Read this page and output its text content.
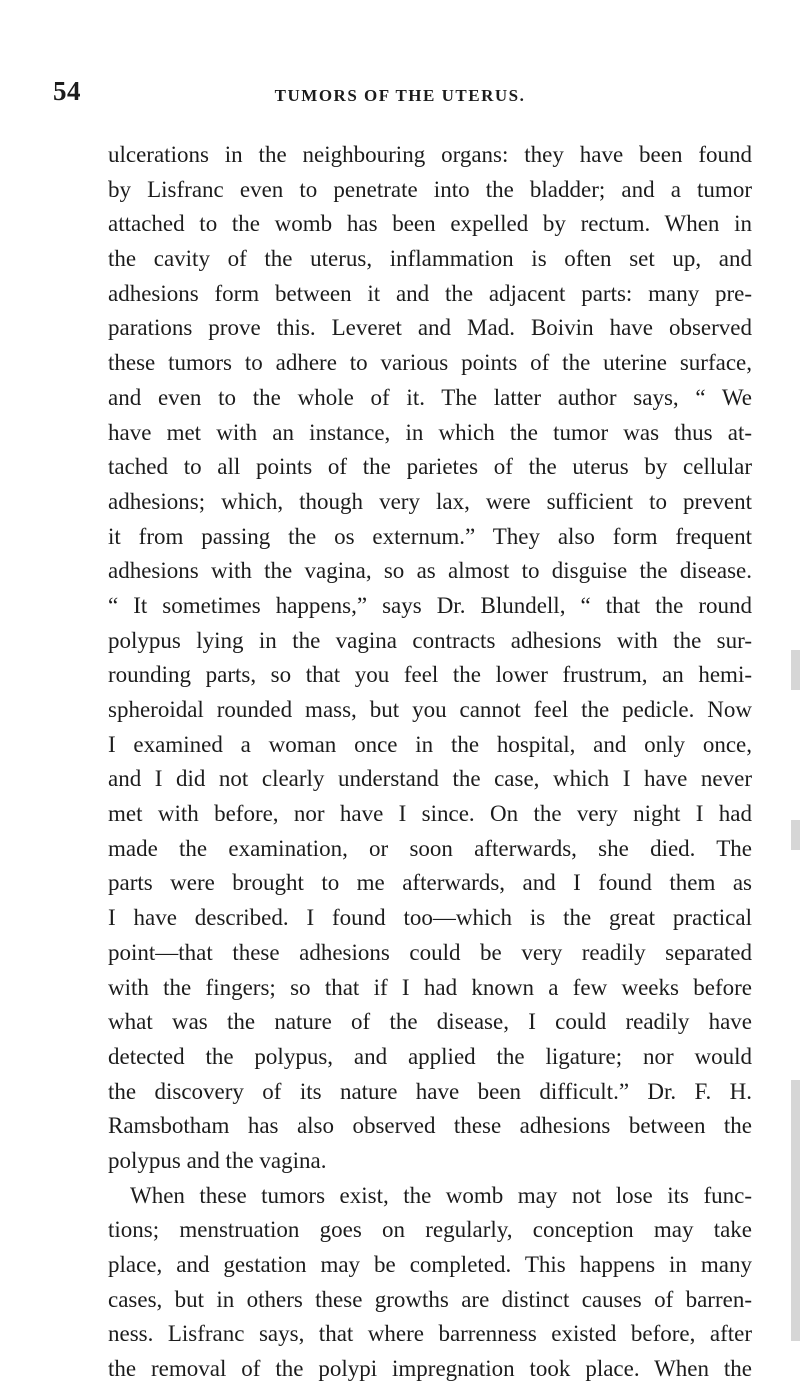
54	TUMORS OF THE UTERUS.
ulcerations in the neighbouring organs: they have been found
by Lisfranc even to penetrate into the bladder; and a tumor
attached to the womb has been expelled by rectum. When in
the cavity of the uterus, inflammation is often set up, and
adhesions form between it and the adjacent parts: many pre-
parations prove this. Leveret and Mad. Boivin have observed
these tumors to adhere to various points of the uterine surface,
and even to the whole of it. The latter author says, “ We
have met with an instance, in which the tumor was thus at-
tached to all points of the parietes of the uterus by cellular
adhesions; which, though very lax, were sufficient to prevent
it from passing the os externum.” They also form frequent
adhesions with the vagina, so as almost to disguise the disease.
“ It sometimes happens,” says Dr. Blundell, “ that the round
polypus lying in the vagina contracts adhesions with the sur-
rounding parts, so that you feel the lower frustrum, an hemi-
spheroidal rounded mass, but you cannot feel the pedicle. Now
I examined a woman once in the hospital, and only once,
and I did not clearly understand the case, which I have never
met with before, nor have I since. On the very night I had
made the examination, or soon afterwards, she died. The
parts were brought to me afterwards, and I found them as
I have described. I found too—which is the great practical
point—that these adhesions could be very readily separated
with the fingers; so that if I had known a few weeks before
what was the nature of the disease, I could readily have
detected the polypus, and applied the ligature; nor would
the discovery of its nature have been difficult.” Dr. F. H.
Ramsbotham has also observed these adhesions between the
polypus and the vagina.
When these tumors exist, the womb may not lose its func-
tions; menstruation goes on regularly, conception may take
place, and gestation may be completed. This happens in many
cases, but in others these growths are distinct causes of barren-
ness. Lisfranc says, that where barrenness existed before, after
the removal of the polypi impregnation took place. When the
